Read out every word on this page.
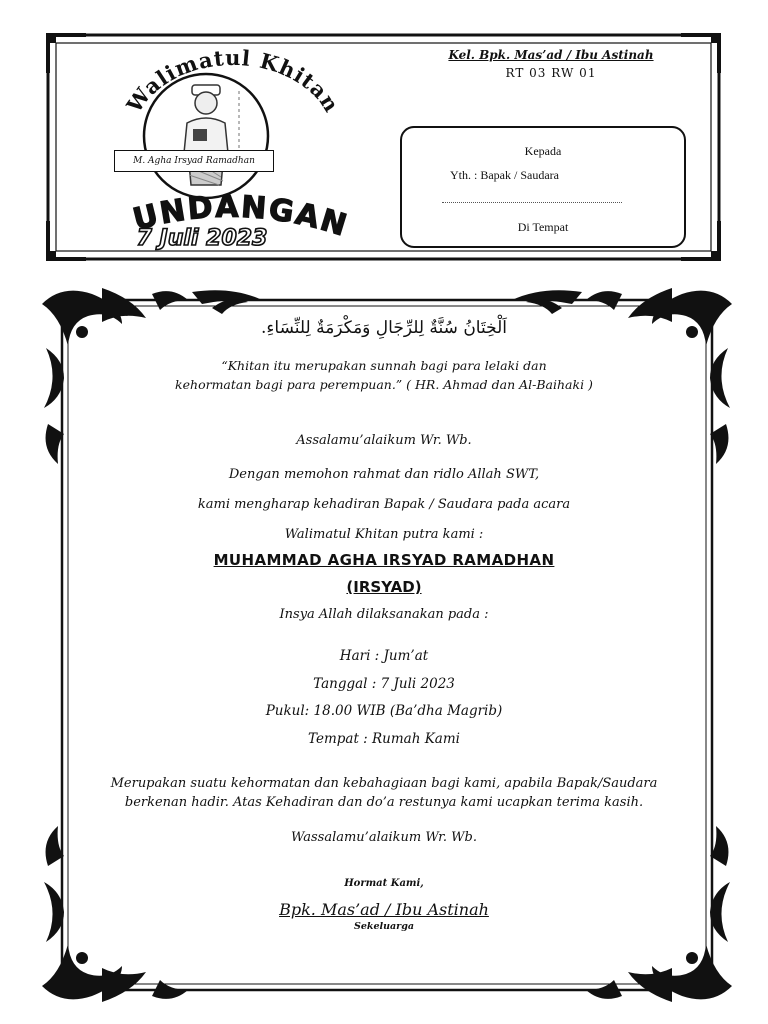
Walimatul Khitan
M. Agha Irsyad Ramadhan
UNDANGAN
7 Juli 2023
Kel. Bpk. Mas’ad / Ibu Astinah
RT 03 RW 01
Kepada
Yth. : Bapak / Saudara
Di Tempat
اَلْخِتَانُ سُنَّةٌ لِلرِّجَالِ وَمَكْرَمَةٌ لِلنِّسَاءِ.
“Khitan itu merupakan sunnah bagi para lelaki dan
kehormatan bagi para perempuan.” ( HR. Ahmad dan Al-Baihaki )
Assalamu’alaikum Wr. Wb.
Dengan memohon rahmat dan ridlo Allah SWT,
kami mengharap kehadiran Bapak / Saudara pada acara
Walimatul Khitan putra kami :
MUHAMMAD AGHA IRSYAD RAMADHAN
(IRSYAD)
Insya Allah dilaksanakan pada :
Hari : Jum’at
Tanggal : 7 Juli 2023
Pukul: 18.00 WIB (Ba’dha Magrib)
Tempat : Rumah Kami
Merupakan suatu kehormatan dan kebahagiaan bagi kami, apabila Bapak/Saudara
berkenan hadir. Atas Kehadiran dan do’a restunya kami ucapkan terima kasih.
Wassalamu’alaikum Wr. Wb.
Hormat Kami,
Bpk. Mas’ad / Ibu Astinah
Sekeluarga
